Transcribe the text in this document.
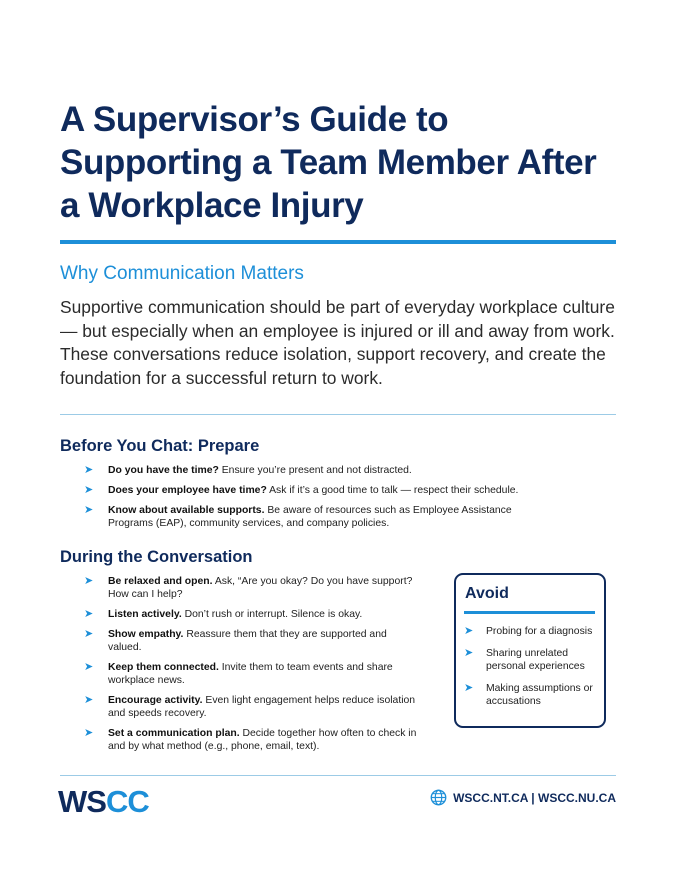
A Supervisor’s Guide to Supporting a Team Member After a Workplace Injury
Why Communication Matters

Supportive communication should be part of everyday workplace culture — but especially when an employee is injured or ill and away from work. These conversations reduce isolation, support recovery, and create the foundation for a successful return to work.

Before You Chat: Prepare
➤ Do you have the time? Ensure you’re present and not distracted.
➤ Does your employee have time? Ask if it’s a good time to talk — respect their schedule.
➤ Know about available supports. Be aware of resources such as Employee Assistance Programs (EAP), community services, and company policies.
During the Conversation
➤ Be relaxed and open. Ask, “Are you okay? Do you have support? How can I help?
➤ Listen actively. Don’t rush or interrupt. Silence is okay.
➤ Show empathy. Reassure them that they are supported and valued.
➤ Keep them connected. Invite them to team events and share workplace news.
➤ Encourage activity. Even light engagement helps reduce isolation and speeds recovery.
➤ Set a communication plan. Decide together how often to check in and by what method (e.g., phone, email, text).
Avoid
➤ Probing for a diagnosis
➤ Sharing unrelated personal experiences
➤ Making assumptions or accusations
WSCC	WSCC.NT.CA | WSCC.NU.CA
